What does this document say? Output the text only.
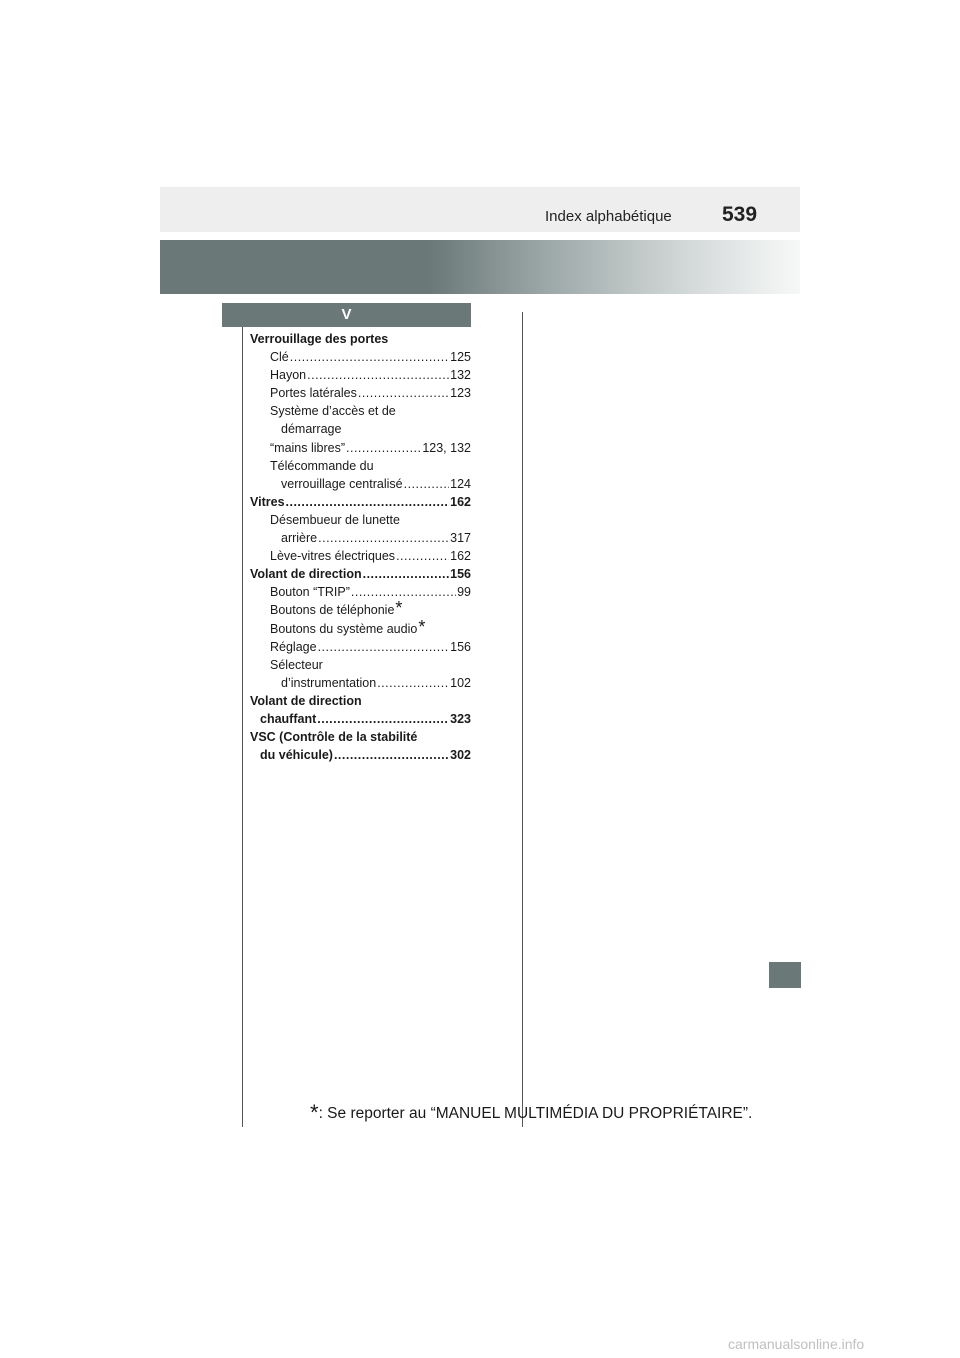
Index alphabétique 539
V
Verrouillage des portes
Clé .....	125
Hayon .....	132
Portes latérales .....	123
Système d’accès et de
démarrage
“mains libres” .....	123, 132
Télécommande du
verrouillage centralisé .....	124
Vitres .....	162
Désembueur de lunette
arrière .....	317
Lève-vitres électriques .....	162
Volant de direction .....	156
Bouton “TRIP” .....	99
Boutons de téléphonie *
Boutons du système audio *
Réglage .....	156
Sélecteur
d’instrumentation .....	102
Volant de direction
chauffant .....	323
VSC (Contrôle de la stabilité
du véhicule) .....	302
*: Se reporter au “MANUEL MULTIMÉDIA DU PROPRIÉTAIRE”.
carmanualsonline.info
